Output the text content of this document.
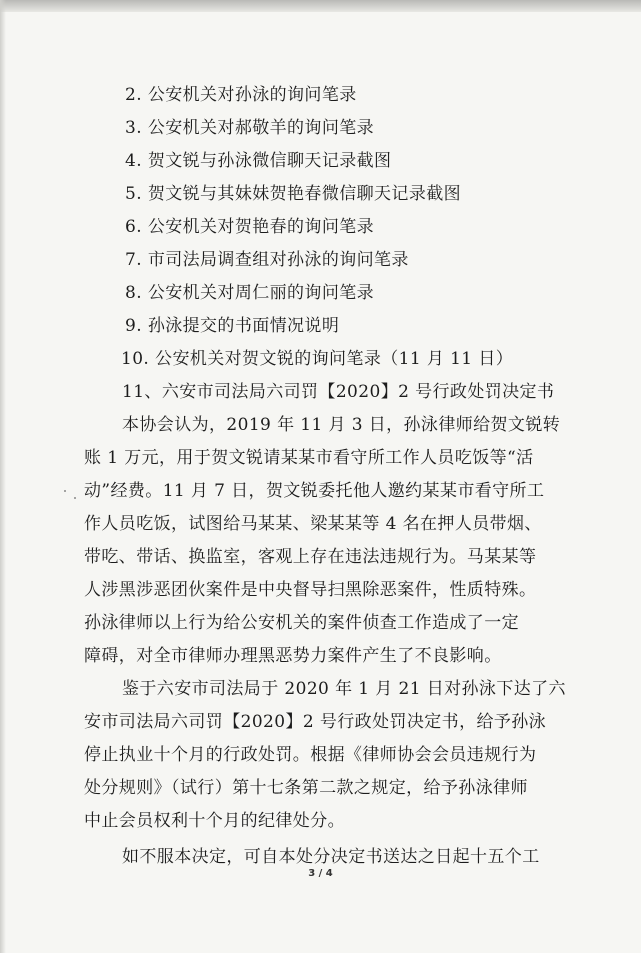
2. 公安机关对孙泳的询问笔录
3. 公安机关对郝敬羊的询问笔录
4. 贺文锐与孙泳微信聊天记录截图
5. 贺文锐与其妹妹贺艳春微信聊天记录截图
6. 公安机关对贺艳春的询问笔录
7. 市司法局调查组对孙泳的询问笔录
8. 公安机关对周仁丽的询问笔录
9. 孙泳提交的书面情况说明
10. 公安机关对贺文锐的询问笔录（11 月 11 日）
11、六安市司法局六司罚【2020】2 号行政处罚决定书
本协会认为，2019 年 11 月 3 日，孙泳律师给贺文锐转
账 1 万元，用于贺文锐请某某市看守所工作人员吃饭等“活
动”经费。11 月 7 日，贺文锐委托他人邀约某某市看守所工
作人员吃饭，试图给马某某、梁某某等 4 名在押人员带烟、
带吃、带话、换监室，客观上存在违法违规行为。马某某等
人涉黑涉恶团伙案件是中央督导扫黑除恶案件，性质特殊。
孙泳律师以上行为给公安机关的案件侦查工作造成了一定
障碍，对全市律师办理黑恶势力案件产生了不良影响。
鉴于六安市司法局于 2020 年 1 月 21 日对孙泳下达了六
安市司法局六司罚【2020】2 号行政处罚决定书，给予孙泳
停止执业十个月的行政处罚。根据《律师协会会员违规行为
处分规则》（试行）第十七条第二款之规定，给予孙泳律师
中止会员权利十个月的纪律处分。
如不服本决定，可自本处分决定书送达之日起十五个工
3 / 4
